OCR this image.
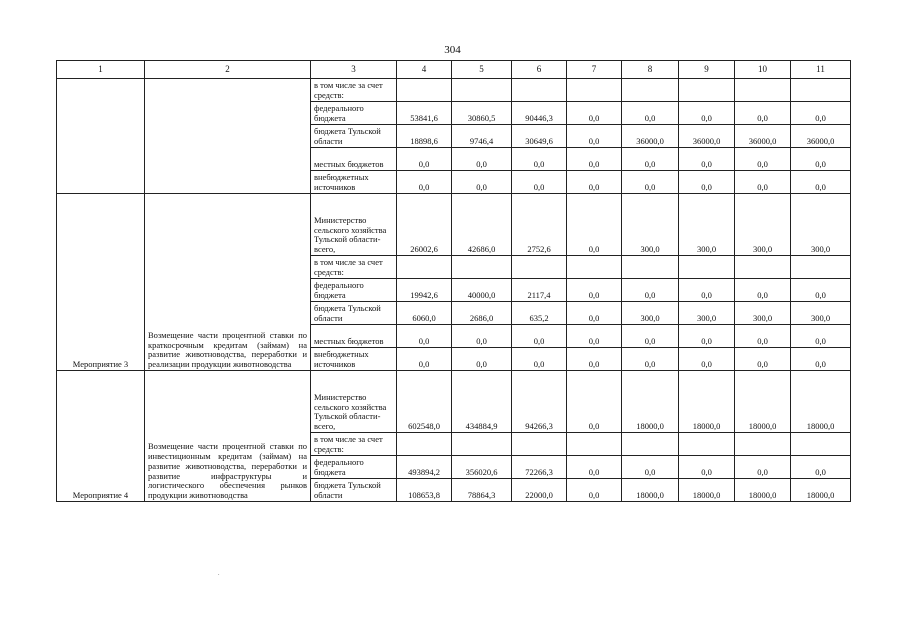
304
1	2	3	4	5	6	7	8	9	10	11
		в том числе за счет средств:								
		федерального бюджета	53841,6	30860,5	90446,3	0,0	0,0	0,0	0,0	0,0
		бюджета Тульской области	18898,6	9746,4	30649,6	0,0	36000,0	36000,0	36000,0	36000,0
		местных бюджетов	0,0	0,0	0,0	0,0	0,0	0,0	0,0	0,0
		внебюджетных источников	0,0	0,0	0,0	0,0	0,0	0,0	0,0	0,0
Мероприятие 3	Возмещение части процентной ставки по краткосрочным кредитам (займам) на развитие животноводства, переработки и реализации продукции животноводства	Министерство сельского хозяйства Тульской области-всего,	26002,6	42686,0	2752,6	0,0	300,0	300,0	300,0	300,0
		в том числе за счет средств:								
		федерального бюджета	19942,6	40000,0	2117,4	0,0	0,0	0,0	0,0	0,0
		бюджета Тульской области	6060,0	2686,0	635,2	0,0	300,0	300,0	300,0	300,0
		местных бюджетов	0,0	0,0	0,0	0,0	0,0	0,0	0,0	0,0
		внебюджетных источников	0,0	0,0	0,0	0,0	0,0	0,0	0,0	0,0
Мероприятие 4	Возмещение части процентной ставки по инвестиционным кредитам (займам) на развитие животноводства, переработки и развитие инфраструктуры и логистического обеспечения рынков продукции животноводства	Министерство сельского хозяйства Тульской области-всего,	602548,0	434884,9	94266,3	0,0	18000,0	18000,0	18000,0	18000,0
		в том числе за счет средств:								
		федерального бюджета	493894,2	356020,6	72266,3	0,0	0,0	0,0	0,0	0,0
		бюджета Тульской области	108653,8	78864,3	22000,0	0,0	18000,0	18000,0	18000,0	18000,0
.
